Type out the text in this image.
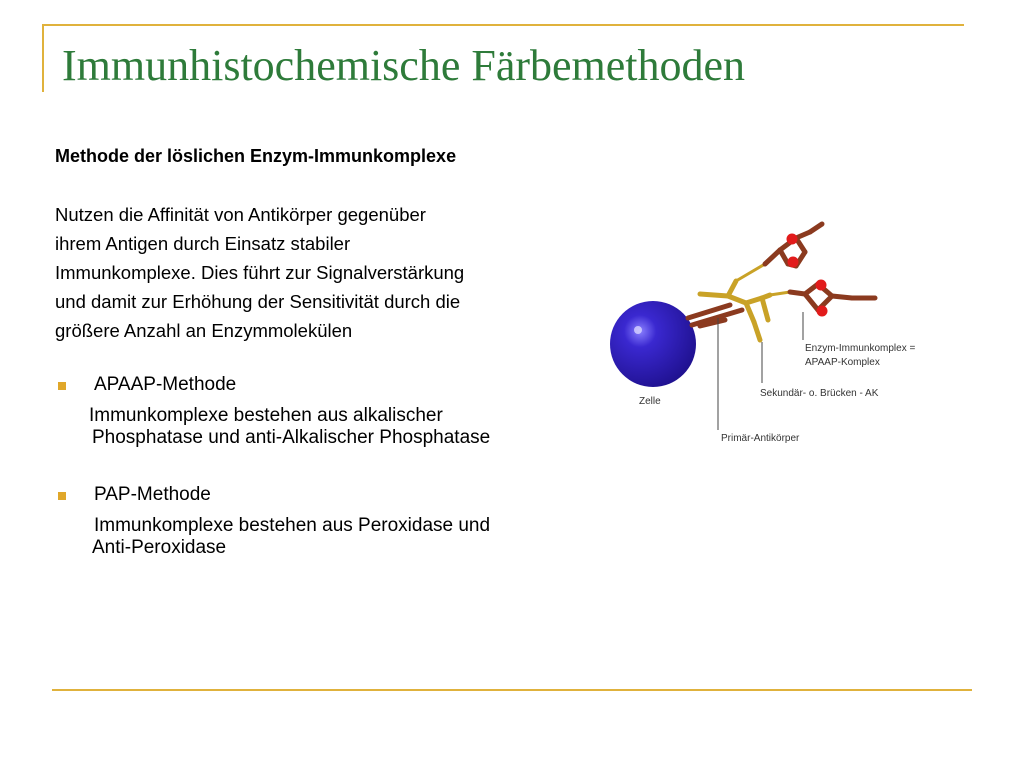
Immunhistochemische Färbemethoden
Methode der löslichen Enzym-Immunkomplexe
Nutzen die Affinität von Antikörper gegenüber
ihrem Antigen durch Einsatz stabiler
Immunkomplexe. Dies führt zur Signalverstärkung
und damit zur Erhöhung der Sensitivität durch die
größere Anzahl an Enzymmolekülen
APAAP-Methode
Immunkomplexe bestehen aus alkalischer
Phosphatase und anti-Alkalischer Phosphatase
PAP-Methode
Immunkomplexe bestehen aus Peroxidase und
Anti-Peroxidase
Enzym-Immunkomplex =
APAAP-Komplex
Sekundär- o. Brücken - AK
Zelle
Primär-Antikörper
